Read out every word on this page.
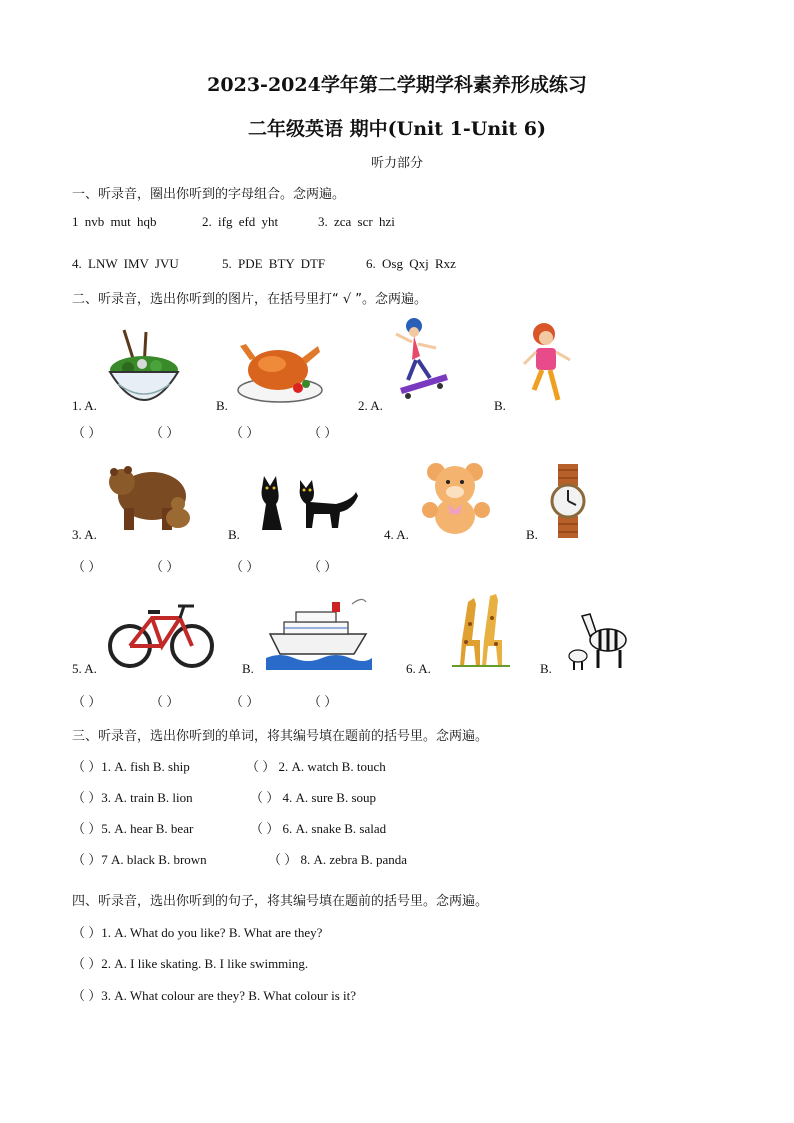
2023-2024学年第二学期学科素养形成练习
二年级英语 期中(Unit 1-Unit 6)
听力部分
一、听录音，圈出你听到的字母组合。念两遍。
1 nvb mut hqb	2. ifg efd yht	3. zca scr hzi
4. LNW IMV JVU	5. PDE BTY DTF	6. Osg Qxj Rxz
二、听录音，选出你听到的图片，在括号里打“ √ ”。念两遍。
1. A.	B.	2. A.	B.
（ ）	（ ）	（ ）	（ ）
3. A.	B.	4. A.	B.
（ ）	（ ）	（ ）	（ ）
5. A.	B.	6. A.	B.
（ ）	（ ）	（ ）	（ ）
三、听录音，选出你听到的单词，将其编号填在题前的括号里。念两遍。
（ ）1. A. fish B. ship	（ ） 2. A. watch B. touch
（ ）3. A. train B. lion	（ ） 4. A. sure B. soup
（ ）5. A. hear B. bear	（ ） 6. A. snake B. salad
（ ）7 A. black B. brown	（ ） 8. A. zebra B. panda
四、听录音，选出你听到的句子，将其编号填在题前的括号里。念两遍。
（ ）1. A. What do you like? B. What are they?
（ ）2. A. I like skating. B. I like swimming.
（ ）3. A. What colour are they? B. What colour is it?
